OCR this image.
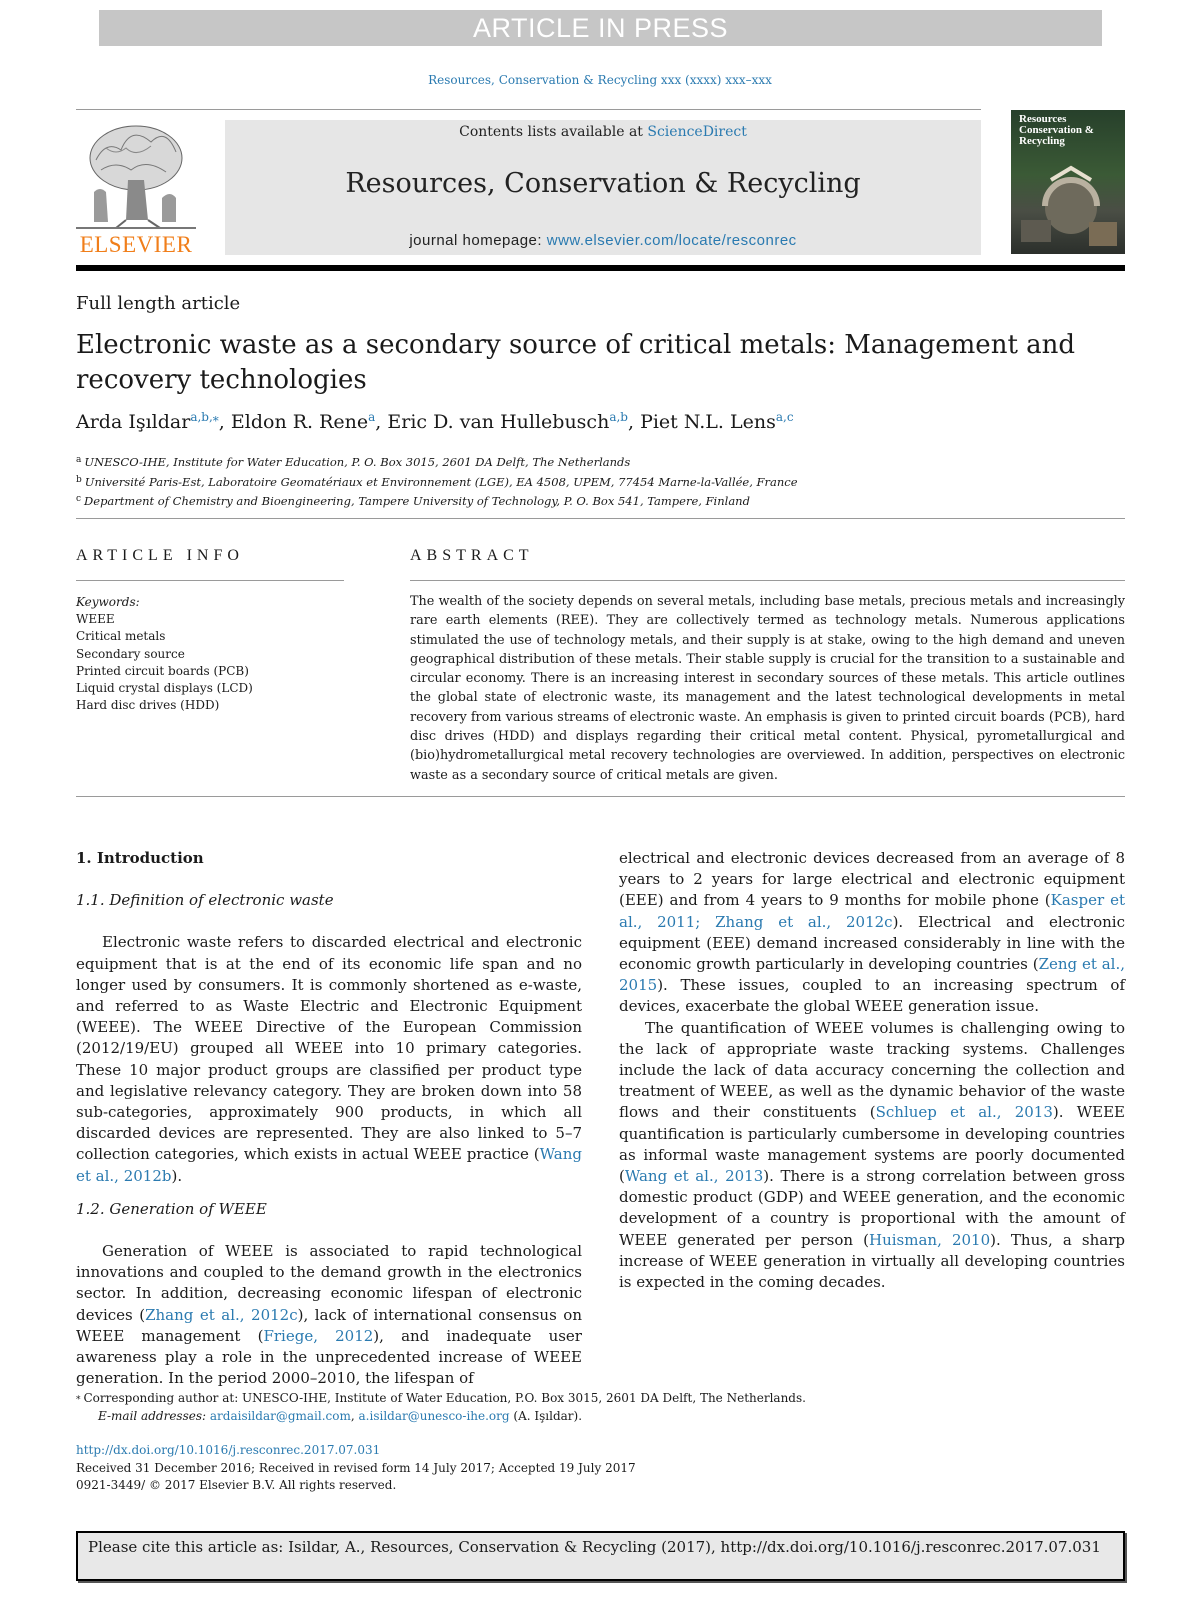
ARTICLE IN PRESS
Resources, Conservation & Recycling xxx (xxxx) xxx–xxx
ELSEVIER
Contents lists available at ScienceDirect
Resources, Conservation & Recycling
journal homepage: www.elsevier.com/locate/resconrec
Resources
Conservation &
Recycling
Full length article
Electronic waste as a secondary source of critical metals: Management and recovery technologies
Arda Işıldar$^{a,b,⁎}$, Eldon R. Rene$^a$, Eric D. van Hullebusch$^{a,b}$, Piet N.L. Lens$^{a,c}$
$^a$ UNESCO-IHE, Institute for Water Education, P. O. Box 3015, 2601 DA Delft, The Netherlands
$^b$ Université Paris-Est, Laboratoire Geomatériaux et Environnement (LGE), EA 4508, UPEM, 77454 Marne-la-Vallée, France
$^c$ Department of Chemistry and Bioengineering, Tampere University of Technology, P. O. Box 541, Tampere, Finland
ARTICLE INFO	ABSTRACT
Keywords:
WEEE
Critical metals
Secondary source
Printed circuit boards (PCB)
Liquid crystal displays (LCD)
Hard disc drives (HDD)
The wealth of the society depends on several metals, including base metals, precious metals and increasingly rare earth elements (REE). They are collectively termed as technology metals. Numerous applications stimulated the use of technology metals, and their supply is at stake, owing to the high demand and uneven geographical distribution of these metals. Their stable supply is crucial for the transition to a sustainable and circular economy. There is an increasing interest in secondary sources of these metals. This article outlines the global state of electronic waste, its management and the latest technological developments in metal recovery from various streams of electronic waste. An emphasis is given to printed circuit boards (PCB), hard disc drives (HDD) and displays regarding their critical metal content. Physical, pyrometallurgical and (bio)hydrometallurgical metal recovery technologies are overviewed. In addition, perspectives on electronic waste as a secondary source of critical metals are given.
1. Introduction
1.1. Definition of electronic waste

Electronic waste refers to discarded electrical and electronic equipment that is at the end of its economic life span and no longer used by consumers. It is commonly shortened as e-waste, and referred to as Waste Electric and Electronic Equipment (WEEE). The WEEE Directive of the European Commission (2012/19/EU) grouped all WEEE into 10 primary categories. These 10 major product groups are classified per product type and legislative relevancy category. They are broken down into 58 sub-categories, approximately 900 products, in which all discarded devices are represented. They are also linked to 5–7 collection categories, which exists in actual WEEE practice (Wang et al., 2012b).

1.2. Generation of WEEE

Generation of WEEE is associated to rapid technological innovations and coupled to the demand growth in the electronics sector. In addition, decreasing economic lifespan of electronic devices (Zhang et al., 2012c), lack of international consensus on WEEE management (Friege, 2012), and inadequate user awareness play a role in the unprecedented increase of WEEE generation. In the period 2000–2010, the lifespan of

electrical and electronic devices decreased from an average of 8 years to 2 years for large electrical and electronic equipment (EEE) and from 4 years to 9 months for mobile phone (Kasper et al., 2011; Zhang et al., 2012c). Electrical and electronic equipment (EEE) demand increased considerably in line with the economic growth particularly in developing countries (Zeng et al., 2015). These issues, coupled to an increasing spectrum of devices, exacerbate the global WEEE generation issue.

The quantification of WEEE volumes is challenging owing to the lack of appropriate waste tracking systems. Challenges include the lack of data accuracy concerning the collection and treatment of WEEE, as well as the dynamic behavior of the waste flows and their constituents (Schluep et al., 2013). WEEE quantification is particularly cumbersome in developing countries as informal waste management systems are poorly documented (Wang et al., 2013). There is a strong correlation between gross domestic product (GDP) and WEEE generation, and the economic development of a country is proportional with the amount of WEEE generated per person (Huisman, 2010). Thus, a sharp increase of WEEE generation in virtually all developing countries is expected in the coming decades.

⁎ Corresponding author at: UNESCO-IHE, Institute of Water Education, P.O. Box 3015, 2601 DA Delft, The Netherlands.
E-mail addresses: ardaisildar@gmail.com, a.isildar@unesco-ihe.org (A. Işıldar).
http://dx.doi.org/10.1016/j.resconrec.2017.07.031
Received 31 December 2016; Received in revised form 14 July 2017; Accepted 19 July 2017
0921-3449/ © 2017 Elsevier B.V. All rights reserved.
Please cite this article as: Isildar, A., Resources, Conservation & Recycling (2017), http://dx.doi.org/10.1016/j.resconrec.2017.07.031
